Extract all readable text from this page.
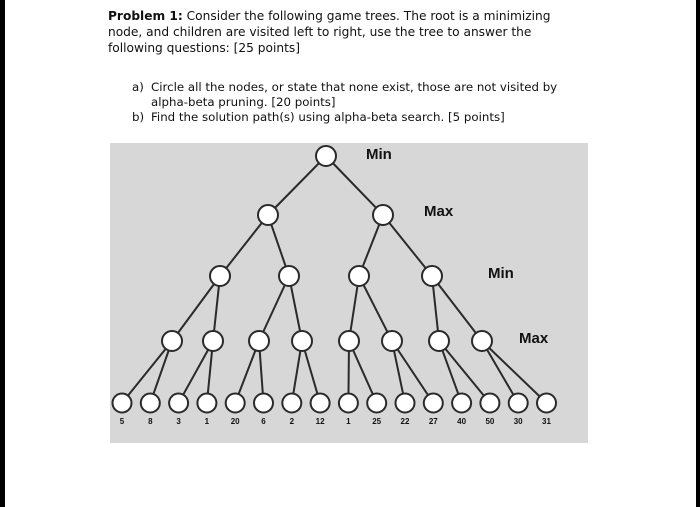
Problem 1: Consider the following game trees. The root is a minimizing node, and children are visited left to right, use the tree to answer the following questions: [25 points]
a) Circle all the nodes, or state that none exist, those are not visited by alpha-beta pruning. [20 points]
b) Find the solution path(s) using alpha-beta search. [5 points]
Min
Max
Min
Max
5	8	3	1	20	6	2	12	1	25 22 27 40 50 30 31
